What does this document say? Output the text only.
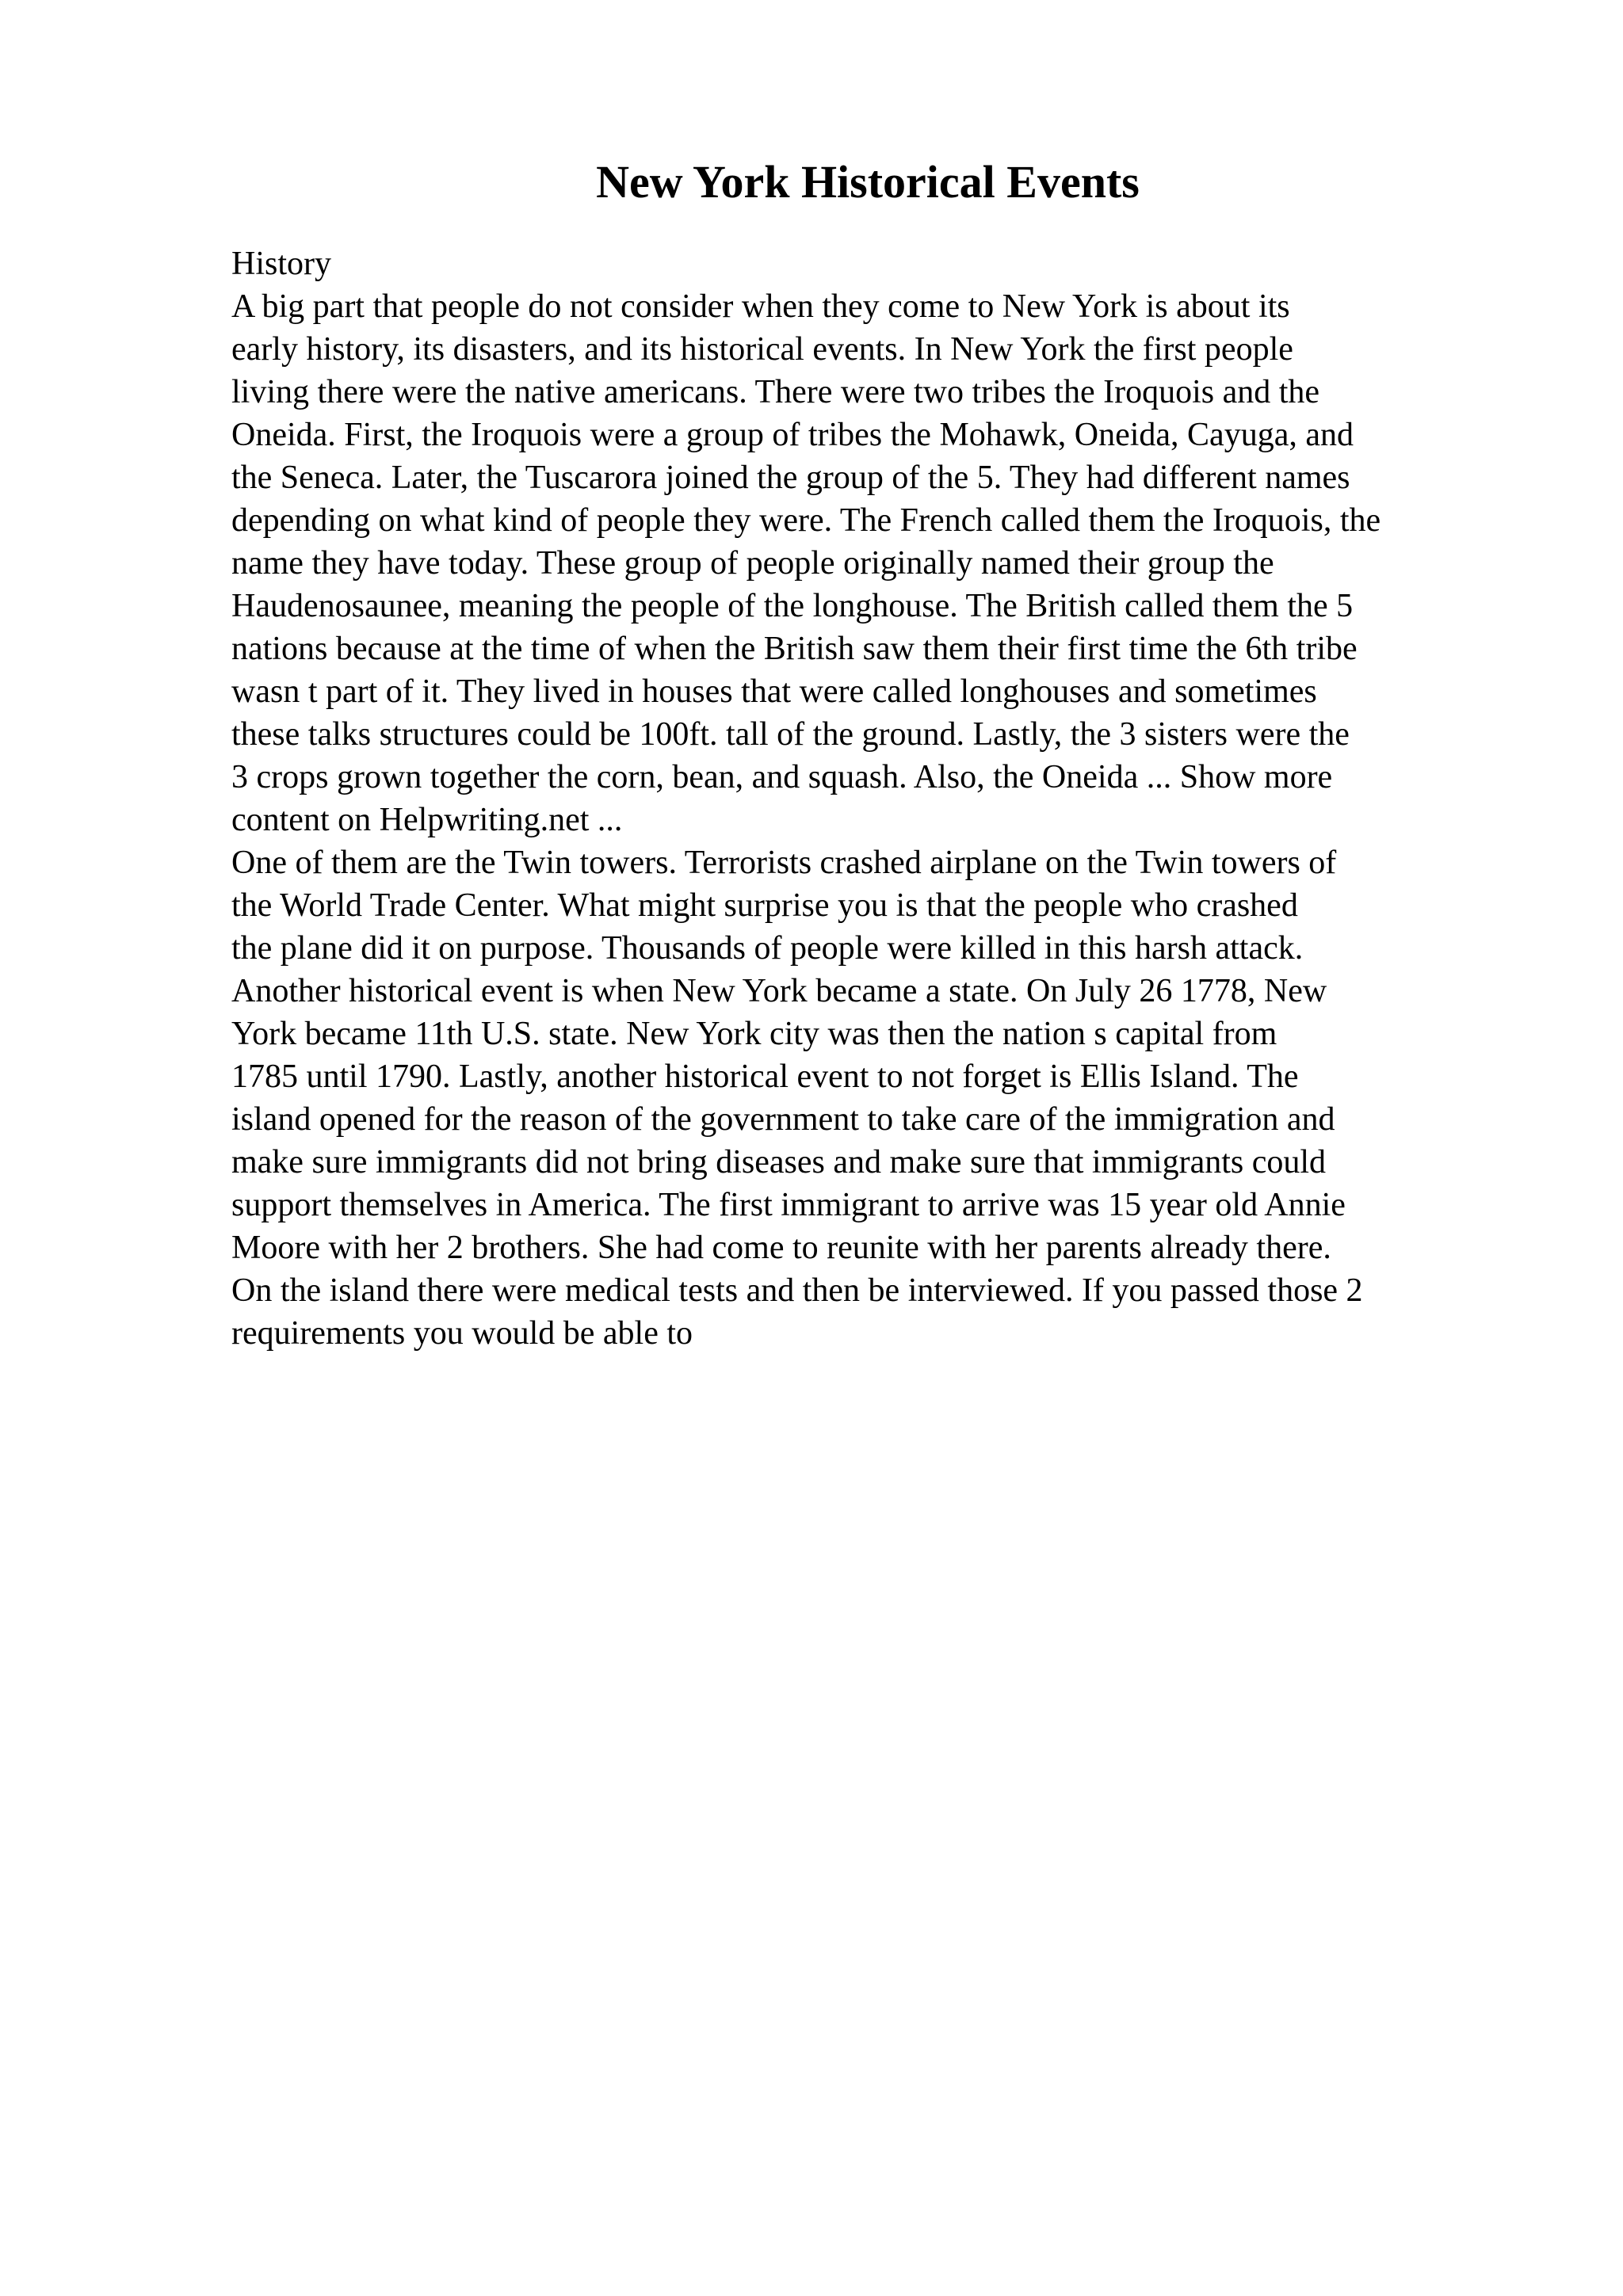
New York Historical Events
History
A big part that people do not consider when they come to New York is about its
early history, its disasters, and its historical events. In New York the first people
living there were the native americans. There were two tribes the Iroquois and the
Oneida. First, the Iroquois were a group of tribes the Mohawk, Oneida, Cayuga, and
the Seneca. Later, the Tuscarora joined the group of the 5. They had different names
depending on what kind of people they were. The French called them the Iroquois, the
name they have today. These group of people originally named their group the
Haudenosaunee, meaning the people of the longhouse. The British called them the 5
nations because at the time of when the British saw them their first time the 6th tribe
wasn t part of it. They lived in houses that were called longhouses and sometimes
these talks structures could be 100ft. tall of the ground. Lastly, the 3 sisters were the
3 crops grown together the corn, bean, and squash. Also, the Oneida ... Show more
content on Helpwriting.net ...
One of them are the Twin towers. Terrorists crashed airplane on the Twin towers of
the World Trade Center. What might surprise you is that the people who crashed
the plane did it on purpose. Thousands of people were killed in this harsh attack.
Another historical event is when New York became a state. On July 26 1778, New
York became 11th U.S. state. New York city was then the nation s capital from
1785 until 1790. Lastly, another historical event to not forget is Ellis Island. The
island opened for the reason of the government to take care of the immigration and
make sure immigrants did not bring diseases and make sure that immigrants could
support themselves in America. The first immigrant to arrive was 15 year old Annie
Moore with her 2 brothers. She had come to reunite with her parents already there.
On the island there were medical tests and then be interviewed. If you passed those 2
requirements you would be able to
